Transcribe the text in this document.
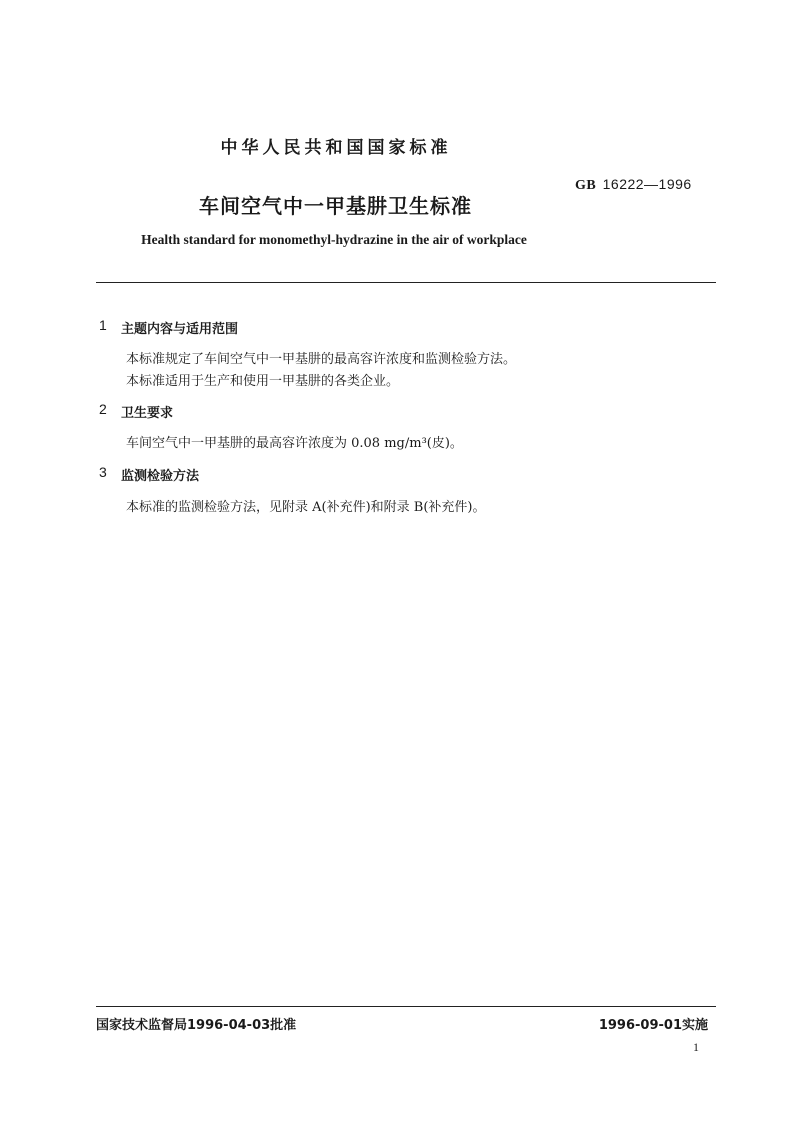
中华人民共和国国家标准
GB 16222—1996
车间空气中一甲基肼卫生标准
Health standard for monomethyl-hydrazine in the air of workplace
1 主题内容与适用范围
本标准规定了车间空气中一甲基肼的最高容许浓度和监测检验方法。
本标准适用于生产和使用一甲基肼的各类企业。
2 卫生要求
车间空气中一甲基肼的最高容许浓度为 0.08 mg/m³(皮)。
3 监测检验方法
本标准的监测检验方法，见附录 A(补充件)和附录 B(补充件)。
国家技术监督局1996-04-03批准	1996-09-01实施
1
